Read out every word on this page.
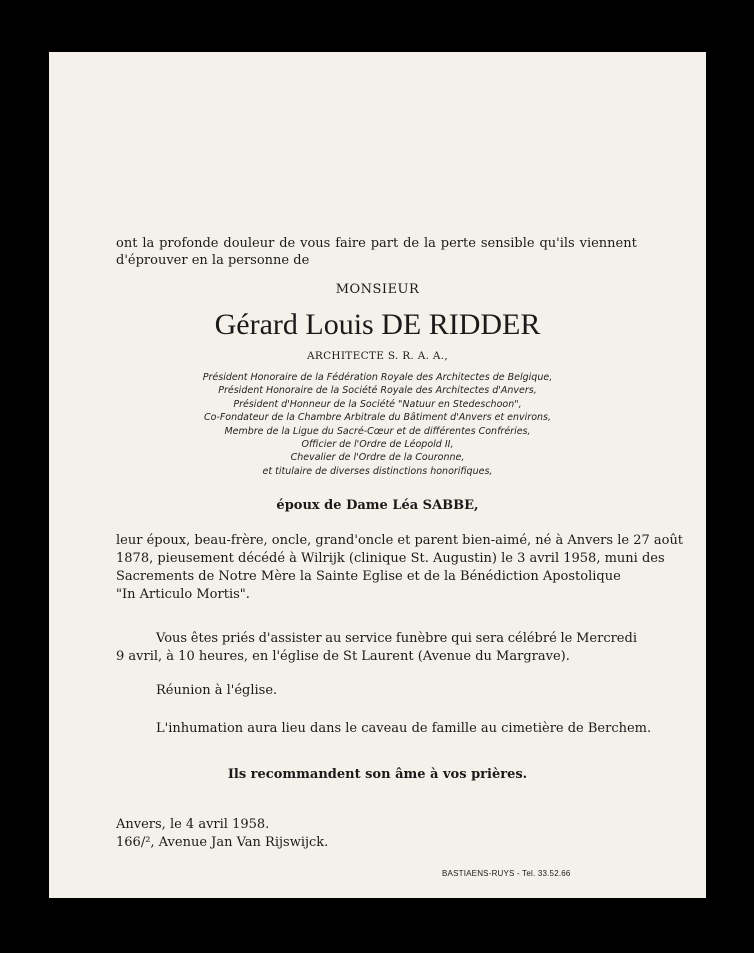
ont la profonde douleur de vous faire part de la perte sensible qu'ils viennent
d'éprouver en la personne de
MONSIEUR
Gérard Louis DE RIDDER
ARCHITECTE S. R. A. A.,
Président Honoraire de la Fédération Royale des Architectes de Belgique,
Président Honoraire de la Société Royale des Architectes d'Anvers,
Président d'Honneur de la Société "Natuur en Stedeschoon",
Co-Fondateur de la Chambre Arbitrale du Bâtiment d'Anvers et environs,
Membre de la Ligue du Sacré-Cœur et de différentes Confréries,
Officier de l'Ordre de Léopold II,
Chevalier de l'Ordre de la Couronne,
et titulaire de diverses distinctions honorifiques,
époux de Dame Léa SABBE,
leur époux, beau-frère, oncle, grand'oncle et parent bien-aimé, né à Anvers le 27 août
1878, pieusement décédé à Wilrijk (clinique St. Augustin) le 3 avril 1958, muni des
Sacrements de Notre Mère la Sainte Eglise et de la Bénédiction Apostolique
"In Articulo Mortis".
Vous êtes priés d'assister au service funèbre qui sera célébré le Mercredi
9 avril, à 10 heures, en l'église de St Laurent (Avenue du Margrave).
Réunion à l'église.
L'inhumation aura lieu dans le caveau de famille au cimetière de Berchem.
Ils recommandent son âme à vos prières.
Anvers, le 4 avril 1958.
166/², Avenue Jan Van Rijswijck.
BASTIAENS-RUYS - Tel. 33.52.66
